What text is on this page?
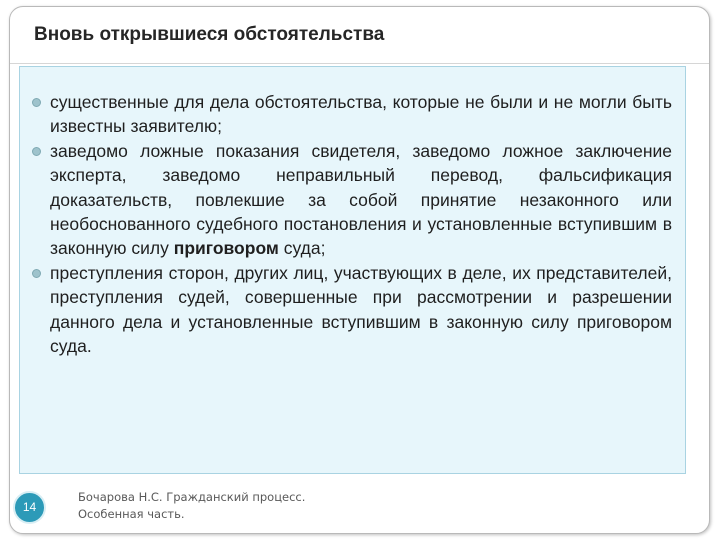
Вновь открывшиеся обстоятельства
существенные для дела обстоятельства, которые не были и не могли быть известны заявителю;
заведомо ложные показания свидетеля, заведомо ложное заключение эксперта, заведомо неправильный перевод, фальсификация доказательств, повлекшие за собой принятие незаконного или необоснованного судебного постановления и установленные вступившим в законную силу приговором суда;
преступления сторон, других лиц, участвующих в деле, их представителей, преступления судей, совершенные при рассмотрении и разрешении данного дела и установленные вступившим в законную силу приговором суда.
14
Бочарова Н.С. Гражданский процесс.
Особенная часть.
